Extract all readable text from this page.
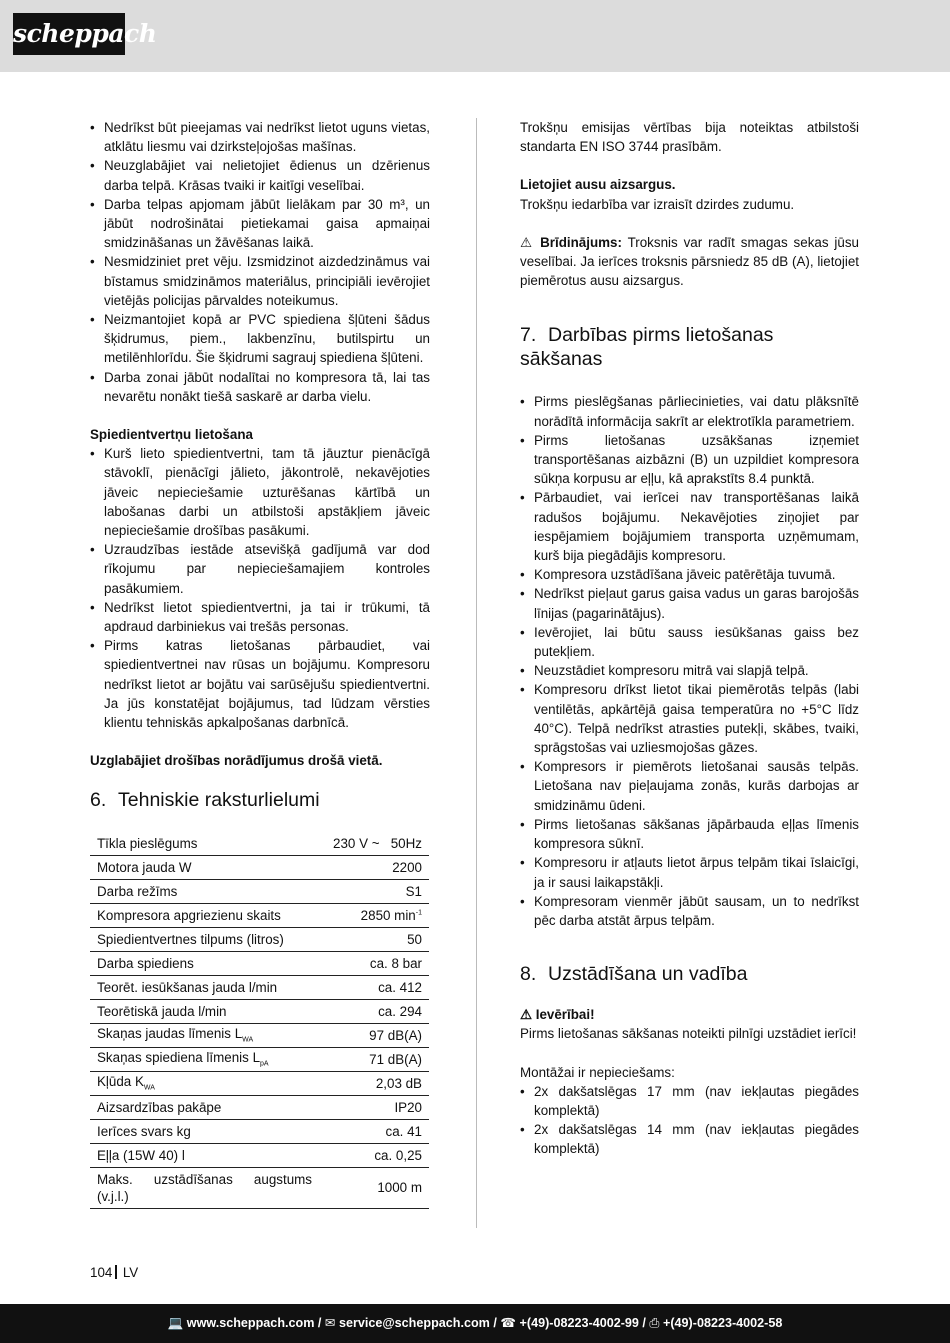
scheppach
• Nedrīkst būt pieejamas vai nedrīkst lietot uguns vietas, atklātu liesmu vai dzirksteļojošas mašīnas.
• Neuzglabājiet vai nelietojiet ēdienus un dzērienus darba telpā. Krāsas tvaiki ir kaitīgi veselībai.
• Darba telpas apjomam jābūt lielākam par 30 m³, un jābūt nodrošinātai pietiekamai gaisa apmaiņai smidzināšanas un žāvēšanas laikā.
• Nesmidziniet pret vēju. Izsmidzinot aizdedzināmus vai bīstamus smidzināmos materiālus, principiāli ievērojiet vietējās policijas pārvaldes noteikumus.
• Neizmantojiet kopā ar PVC spiediena šļūteni šādus šķidrumus, piem., lakbenzīnu, butilspirtu un metilēnhlorīdu. Šie šķidrumi sagrauj spiediena šļūteni.
• Darba zonai jābūt nodalītai no kompresora tā, lai tas nevarētu nonākt tiešā saskarē ar darba vielu.

Spiedientvertņu lietošana

• Kurš lieto spiedientvertni, tam tā jāuztur pienācīgā stāvoklī, pienācīgi jālieto, jākontrolē, nekavējoties jāveic nepieciešamie uzturēšanas kārtībā un labošanas darbi un atbilstoši apstākļiem jāveic nepieciešamie drošības pasākumi.
• Uzraudzības iestāde atsevišķā gadījumā var dod rīkojumu par nepieciešamajiem kontroles pasākumiem.
• Nedrīkst lietot spiedientvertni, ja tai ir trūkumi, tā apdraud darbiniekus vai trešās personas.
• Pirms katras lietošanas pārbaudiet, vai spiedientvertnei nav rūsas un bojājumu. Kompresoru nedrīkst lietot ar bojātu vai sarūsējušu spiedientvertni. Ja jūs konstatējat bojājumus, tad lūdzam vērsties klientu tehniskās apkalpošanas darbnīcā.

Uzglabājiet drošības norādījumus drošā vietā.

6. Tehniskie raksturlielumi
Tīkla pieslēgums	230 V ~   50Hz
Motora jauda W	2200
Darba režīms	S1
Kompresora apgriezienu skaits	2850 $\min^{-1}$
Spiedientvertnes tilpums (litros)	50
Darba spiediens	ca. 8 bar
Teorēt. iesūkšanas jauda l/min	ca. 412
Teorētiskā jauda l/min	ca. 294
Skaņas jaudas līmenis $L_{WA}$	97 dB(A)
Skaņas spiediena līmenis $L_{pA}$	71 dB(A)
Kļūda $K_{WA}$	2,03 dB
Aizsardzības pakāpe	IP20
Ierīces svars kg	ca. 41
Eļļa (15W 40) l	ca. 0,25
Maks. uzstādīšanas augstums (v.j.l.)	1000 m

Trokšņu emisijas vērtības bija noteiktas atbilstoši standarta EN ISO 3744 prasībām.

Lietojiet ausu aizsargus.

Trokšņu iedarbība var izraisīt dzirdes zudumu.

⚠ Brīdinājums: Troksnis var radīt smagas sekas jūsu veselībai. Ja ierīces troksnis pārsniedz 85 dB (A), lietojiet piemērotus ausu aizsargus.

7. Darbības pirms lietošanas sākšanas
• Pirms pieslēgšanas pārliecinieties, vai datu plāksnītē norādītā informācija sakrīt ar elektrotīkla parametriem.
• Pirms lietošanas uzsākšanas izņemiet transportēšanas aizbāzni (B) un uzpildiet kompresora sūkņa korpusu ar eļļu, kā aprakstīts 8.4 punktā.
• Pārbaudiet, vai ierīcei nav transportēšanas laikā radušos bojājumu. Nekavējoties ziņojiet par iespējamiem bojājumiem transporta uzņēmumam, kurš bija piegādājis kompresoru.
• Kompresora uzstādīšana jāveic patērētāja tuvumā.
• Nedrīkst pieļaut garus gaisa vadus un garas barojošās līnijas (pagarinātājus).
• Ievērojiet, lai būtu sauss iesūkšanas gaiss bez putekļiem.
• Neuzstādiet kompresoru mitrā vai slapjā telpā.
• Kompresoru drīkst lietot tikai piemērotās telpās (labi ventilētās, apkārtējā gaisa temperatūra no +5°C līdz 40°C). Telpā nedrīkst atrasties putekļi, skābes, tvaiki, sprāgstošas vai uzliesmojošas gāzes.
• Kompresors ir piemērots lietošanai sausās telpās. Lietošana nav pieļaujama zonās, kurās darbojas ar smidzināmu ūdeni.
• Pirms lietošanas sākšanas jāpārbauda eļļas līmenis kompresora sūknī.
• Kompresoru ir atļauts lietot ārpus telpām tikai īslaicīgi, ja ir sausi laikapstākļi.
• Kompresoram vienmēr jābūt sausam, un to nedrīkst pēc darba atstāt ārpus telpām.
8. Uzstādīšana un vadība

⚠ Ievērībai!

Pirms lietošanas sākšanas noteikti pilnīgi uzstādiet ierīci!

Montāžai ir nepieciešams:

• 2x dakšatslēgas 17 mm (nav iekļautas piegādes komplektā)
• 2x dakšatslēgas 14 mm (nav iekļautas piegādes komplektā)
104 LV
💻 www.scheppach.com / ✉ service@scheppach.com / ☎ +(49)-08223-4002-99 / ⎙ +(49)-08223-4002-58
